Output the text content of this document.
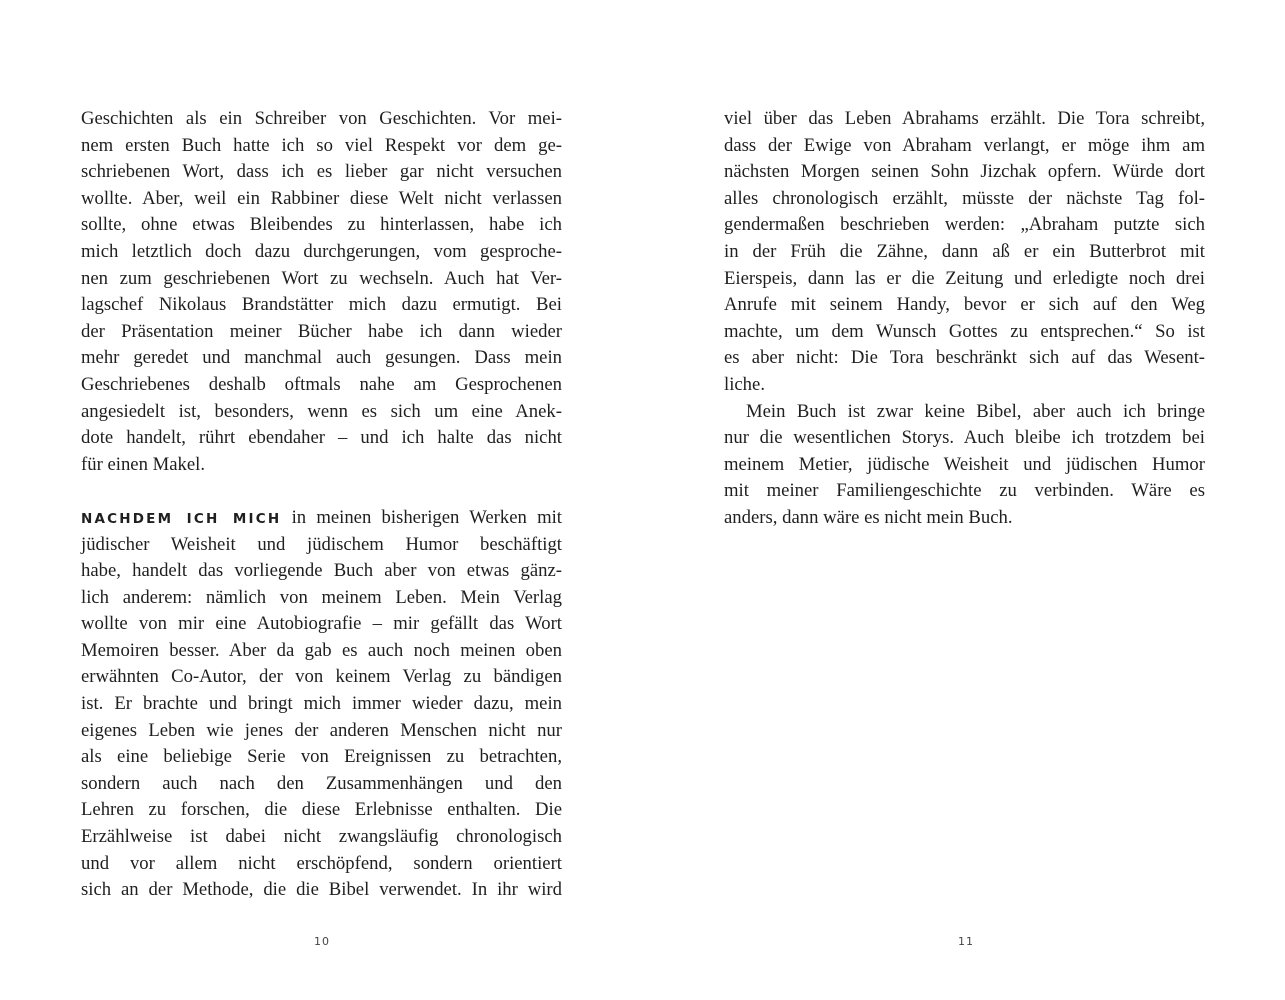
Geschichten als ein Schreiber von Geschichten. Vor mei-
nem ersten Buch hatte ich so viel Respekt vor dem ge-
schriebenen Wort, dass ich es lieber gar nicht versuchen
wollte. Aber, weil ein Rabbiner diese Welt nicht verlassen
sollte, ohne etwas Bleibendes zu hinterlassen, habe ich
mich letztlich doch dazu durchgerungen, vom gesproche-
nen zum geschriebenen Wort zu wechseln. Auch hat Ver-
lagschef Nikolaus Brandstätter mich dazu ermutigt. Bei
der Präsentation meiner Bücher habe ich dann wieder
mehr geredet und manchmal auch gesungen. Dass mein
Geschriebenes deshalb oftmals nahe am Gesprochenen
angesiedelt ist, besonders, wenn es sich um eine Anek-
dote handelt, rührt ebendaher – und ich halte das nicht
für einen Makel.
NACHDEM ICH MICH in meinen bisherigen Werken mit
jüdischer Weisheit und jüdischem Humor beschäftigt
habe, handelt das vorliegende Buch aber von etwas gänz-
lich anderem: nämlich von meinem Leben. Mein Verlag
wollte von mir eine Autobiografie – mir gefällt das Wort
Memoiren besser. Aber da gab es auch noch meinen oben
erwähnten Co-Autor, der von keinem Verlag zu bändigen
ist. Er brachte und bringt mich immer wieder dazu, mein
eigenes Leben wie jenes der anderen Menschen nicht nur
als eine beliebige Serie von Ereignissen zu betrachten,
sondern auch nach den Zusammenhängen und den
Lehren zu forschen, die diese Erlebnisse enthalten. Die
Erzählweise ist dabei nicht zwangsläufig chronologisch
und vor allem nicht erschöpfend, sondern orientiert
sich an der Methode, die die Bibel verwendet. In ihr wird
10
viel über das Leben Abrahams erzählt. Die Tora schreibt,
dass der Ewige von Abraham verlangt, er möge ihm am
nächsten Morgen seinen Sohn Jizchak opfern. Würde dort
alles chronologisch erzählt, müsste der nächste Tag fol-
gendermaßen beschrieben werden: „Abraham putzte sich
in der Früh die Zähne, dann aß er ein Butterbrot mit
Eierspeis, dann las er die Zeitung und erledigte noch drei
Anrufe mit seinem Handy, bevor er sich auf den Weg
machte, um dem Wunsch Gottes zu entsprechen.“ So ist
es aber nicht: Die Tora beschränkt sich auf das Wesent-
liche.
Mein Buch ist zwar keine Bibel, aber auch ich bringe
nur die wesentlichen Storys. Auch bleibe ich trotzdem bei
meinem Metier, jüdische Weisheit und jüdischen Humor
mit meiner Familiengeschichte zu verbinden. Wäre es
anders, dann wäre es nicht mein Buch.
11
